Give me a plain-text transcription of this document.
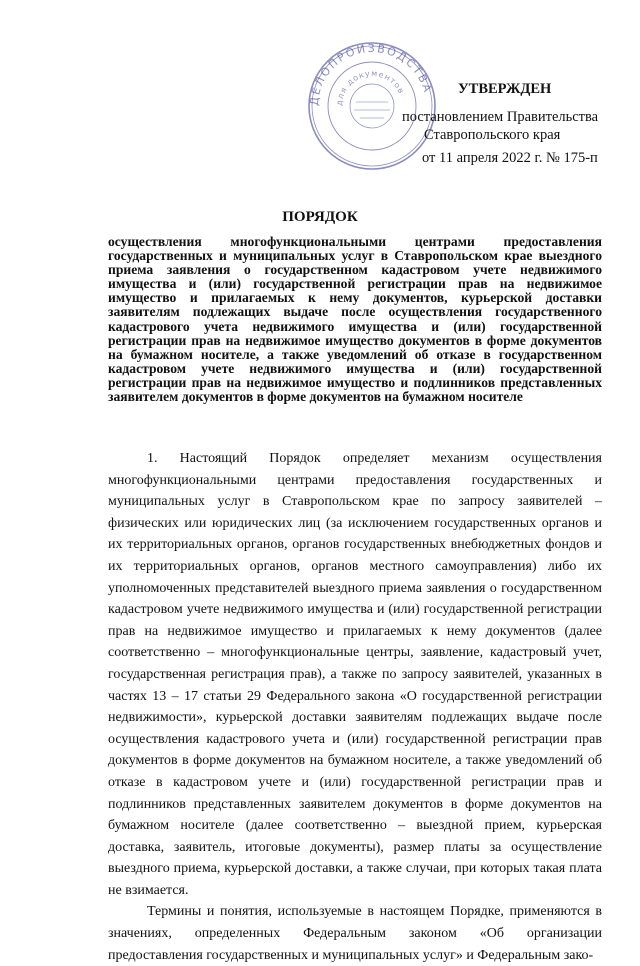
ДЕЛОПРОИЗВОДСТВА
для документов	УТВЕРЖДЕН
постановлением Правительства
Ставропольского края
от 11 апреля 2022 г. № 175-п
ПОРЯДОК
осуществления многофункциональными центрами предоставления государственных и муниципальных услуг в Ставропольском крае выездного приема заявления о государственном кадастровом учете недвижимого имущества и (или) государственной регистрации прав на недвижимое имущество и прилагаемых к нему документов, курьерской доставки заявителям подлежащих выдаче после осуществления государственного кадастрового учета недвижимого имущества и (или) государственной регистрации прав на недвижимое имущество документов в форме документов на бумажном носителе, а также уведомлений об отказе в государственном кадастровом учете недвижимого имущества и (или) государственной регистрации прав на недвижимое имущество и подлинников представленных заявителем документов в форме документов на бумажном носителе

1. Настоящий Порядок определяет механизм осуществления многофункциональными центрами предоставления государственных и муниципальных услуг в Ставропольском крае по запросу заявителей – физических или юридических лиц (за исключением государственных органов и их территориальных органов, органов государственных внебюджетных фондов и их территориальных органов, органов местного самоуправления) либо их уполномоченных представителей выездного приема заявления о государственном кадастровом учете недвижимого имущества и (или) государственной регистрации прав на недвижимое имущество и прилагаемых к нему документов (далее соответственно – многофункциональные центры, заявление, кадастровый учет, государственная регистрация прав), а также по запросу заявителей, указанных в частях 13 – 17 статьи 29 Федерального закона «О государственной регистрации недвижимости», курьерской доставки заявителям подлежащих выдаче после осуществления кадастрового учета и (или) государственной регистрации прав документов в форме документов на бумажном носителе, а также уведомлений об отказе в кадастровом учете и (или) государственной регистрации прав и подлинников представленных заявителем документов в форме документов на бумажном носителе (далее соответственно – выездной прием, курьерская доставка, заявитель, итоговые документы), размер платы за осуществление выездного приема, курьерской доставки, а также случаи, при которых такая плата не взимается.

Термины и понятия, используемые в настоящем Порядке, применяются в значениях, определенных Федеральным законом «Об организации предоставления государственных и муниципальных услуг» и Федеральным зако-
